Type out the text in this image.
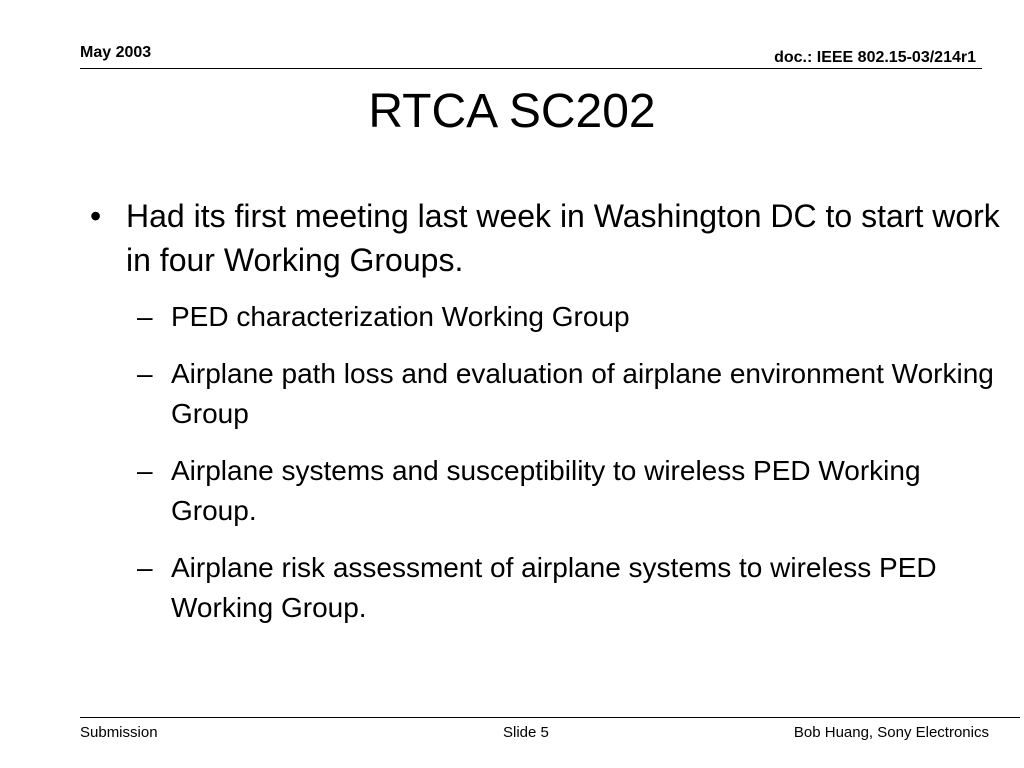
May 2003	doc.: IEEE 802.15-03/214r1
RTCA SC202
• Had its first meeting last week in Washington DC to start work in four Working Groups.
– PED characterization Working Group
– Airplane path loss and evaluation of airplane environment Working Group
– Airplane systems and susceptibility to wireless PED Working Group.
– Airplane risk assessment of airplane systems to wireless PED Working Group.
Submission	Slide 5	Bob Huang, Sony Electronics
